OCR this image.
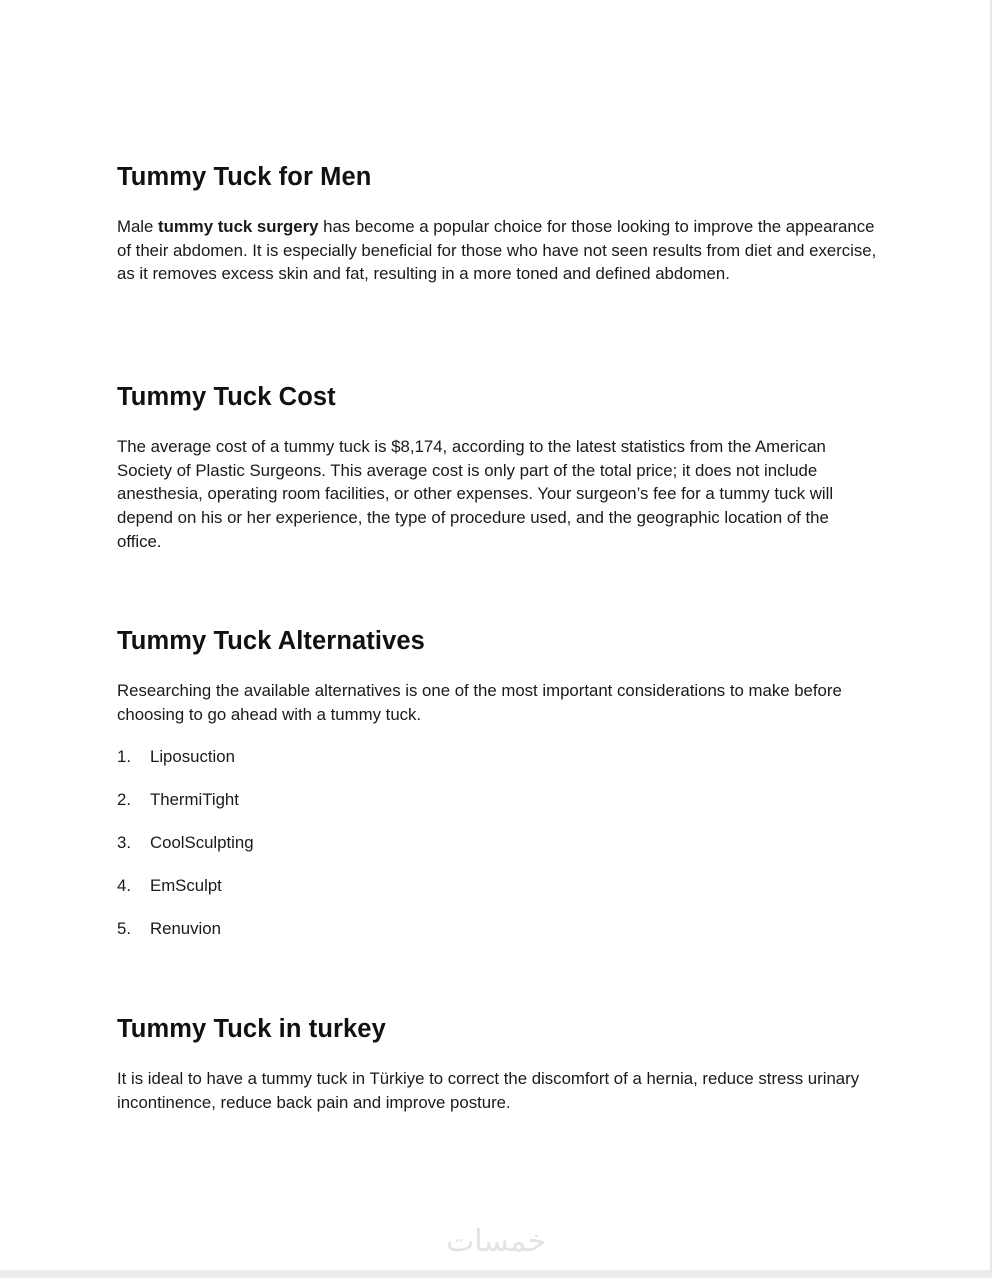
Tummy Tuck for Men

Male tummy tuck surgery has become a popular choice for those looking to improve the appearance of their abdomen. It is especially beneficial for those who have not seen results from diet and exercise, as it removes excess skin and fat, resulting in a more toned and defined abdomen.

Tummy Tuck Cost

The average cost of a tummy tuck is $8,174, according to the latest statistics from the American Society of Plastic Surgeons. This average cost is only part of the total price; it does not include anesthesia, operating room facilities, or other expenses. Your surgeon’s fee for a tummy tuck will depend on his or her experience, the type of procedure used, and the geographic location of the office.

Tummy Tuck Alternatives

Researching the available alternatives is one of the most important considerations to make before choosing to go ahead with a tummy tuck.

1.	Liposuction
2.	ThermiTight
3.	CoolSculpting
4.	EmSculpt
5.	Renuvion
Tummy Tuck in turkey

It is ideal to have a tummy tuck in Türkiye to correct the discomfort of a hernia, reduce stress urinary incontinence, reduce back pain and improve posture.

خمسات
